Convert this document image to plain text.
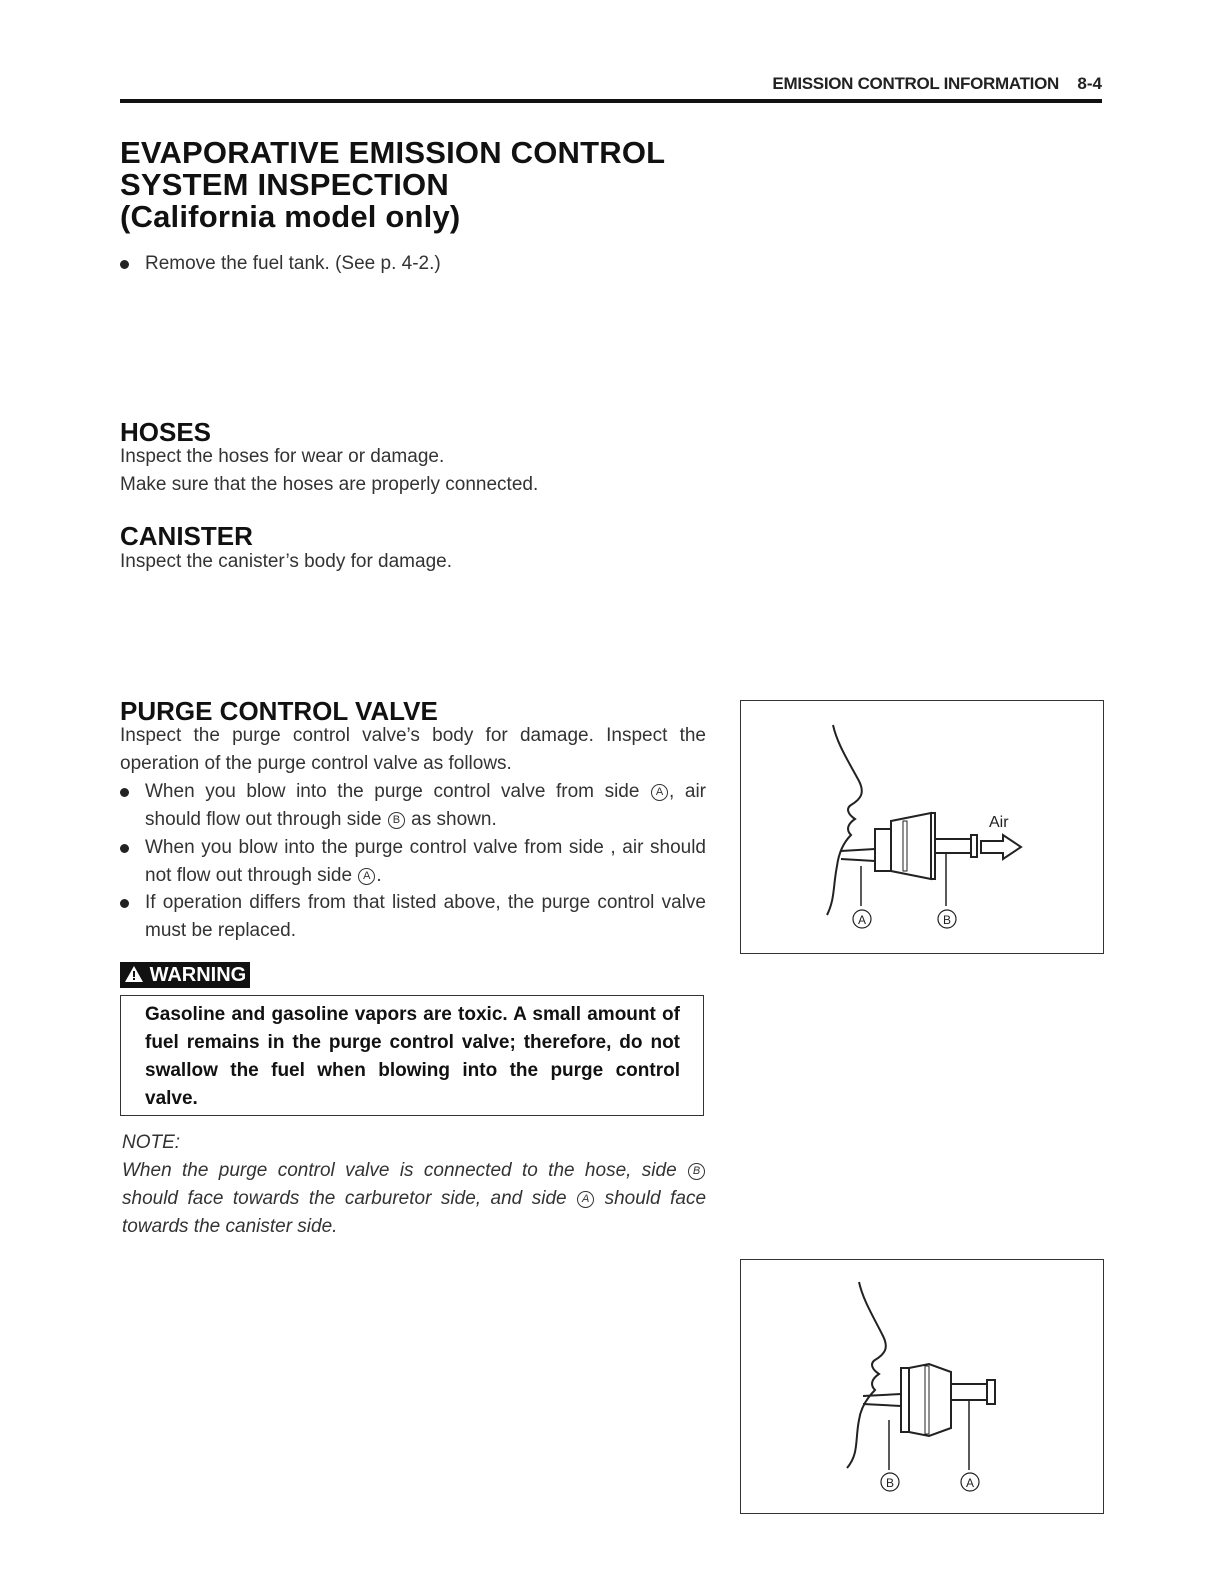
EMISSION CONTROL INFORMATION 8-4
EVAPORATIVE EMISSION CONTROL
SYSTEM INSPECTION
(California model only)
Remove the fuel tank. (See p. 4-2.)
HOSES
Inspect the hoses for wear or damage.
Make sure that the hoses are properly connected.
CANISTER
Inspect the canister’s body for damage.
PURGE CONTROL VALVE
Inspect the purge control valve’s body for damage. Inspect the operation of the purge control valve as follows.
When you blow into the purge control valve from side A , air should flow out through side B as shown.
When you blow into the purge control valve from side , air should not flow out through side A .
If operation differs from that listed above, the purge control valve must be replaced.
WARNING
Gasoline and gasoline vapors are toxic. A small amount of fuel remains in the purge control valve; therefore, do not swallow the fuel when blowing into the purge control valve.
NOTE:
When the purge control valve is connected to the hose, side B should face towards the carburetor side, and side A should face towards the canister side.
Air
A	B
B	A
